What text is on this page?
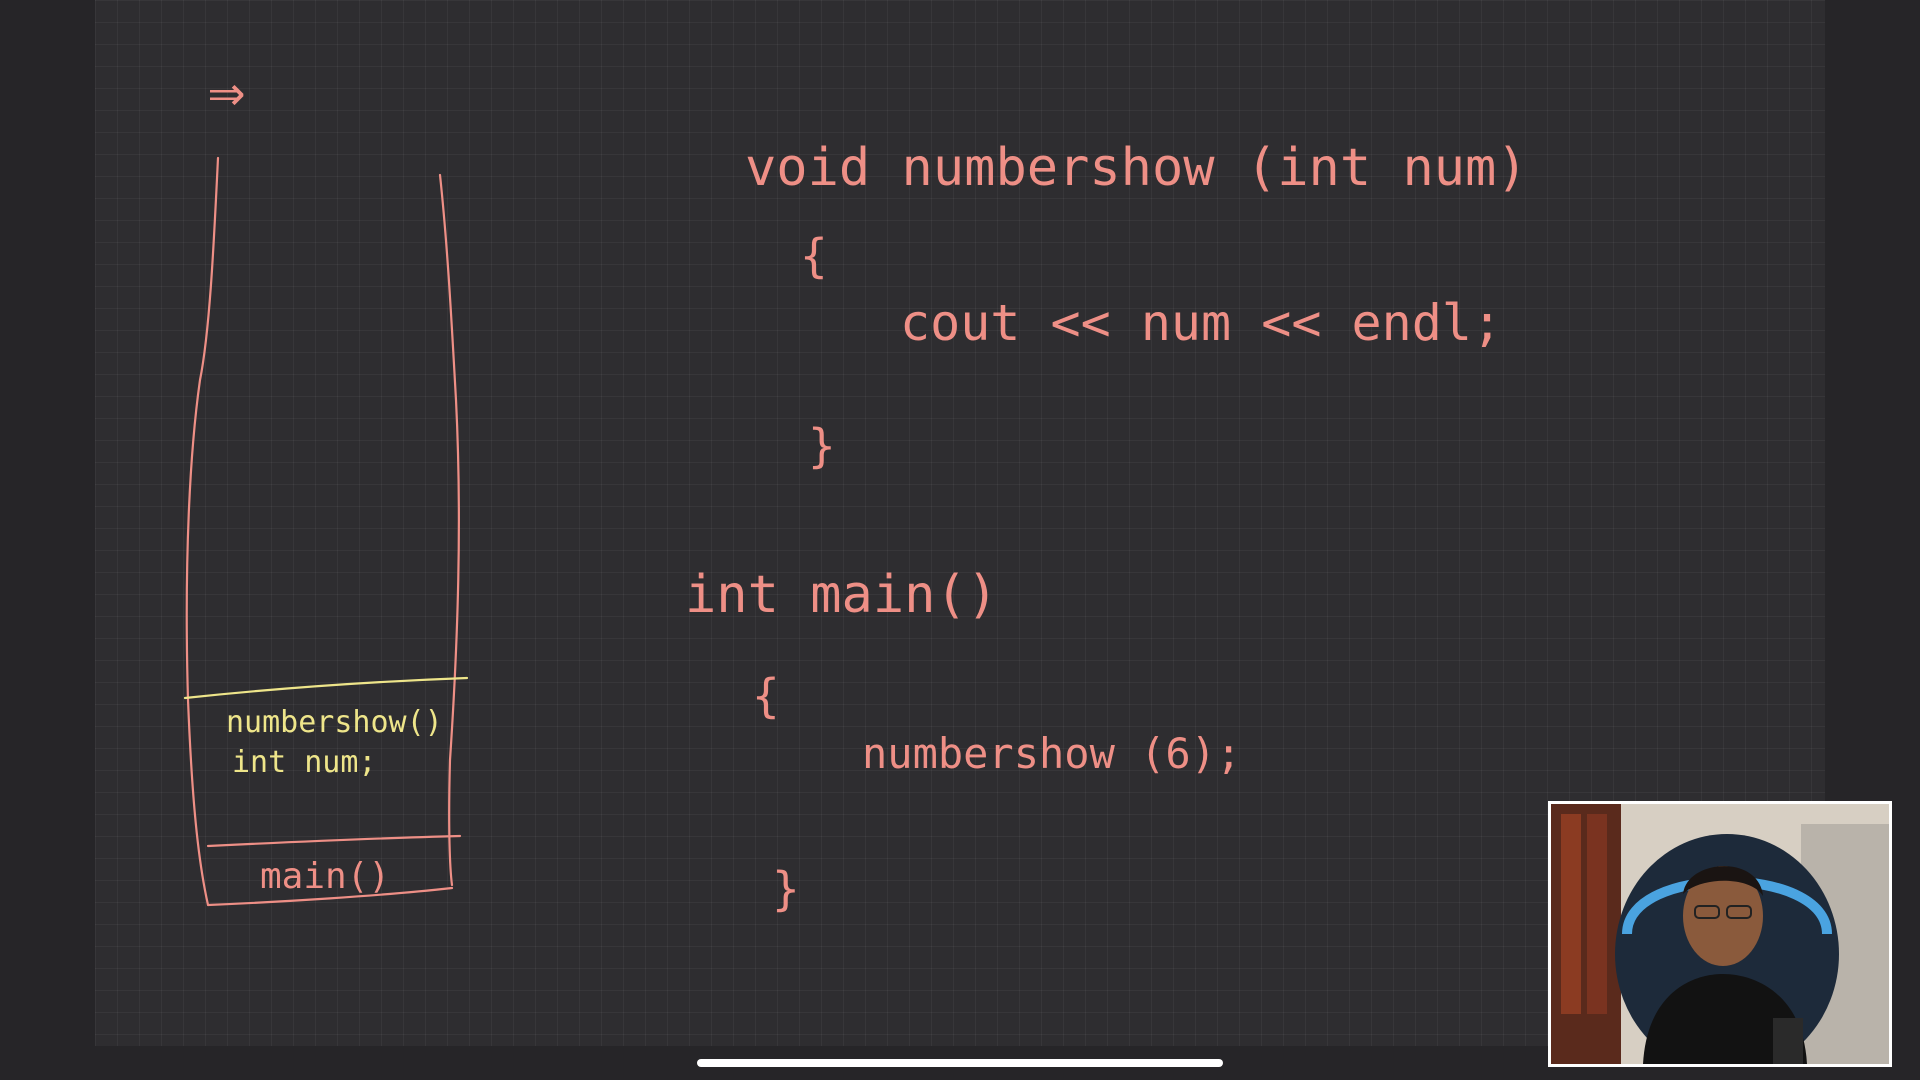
⇒
numbershow()
int num;
main()
void numbershow (int num)
{
cout << num << endl;
}
int main()
{
numbershow (6);
}
